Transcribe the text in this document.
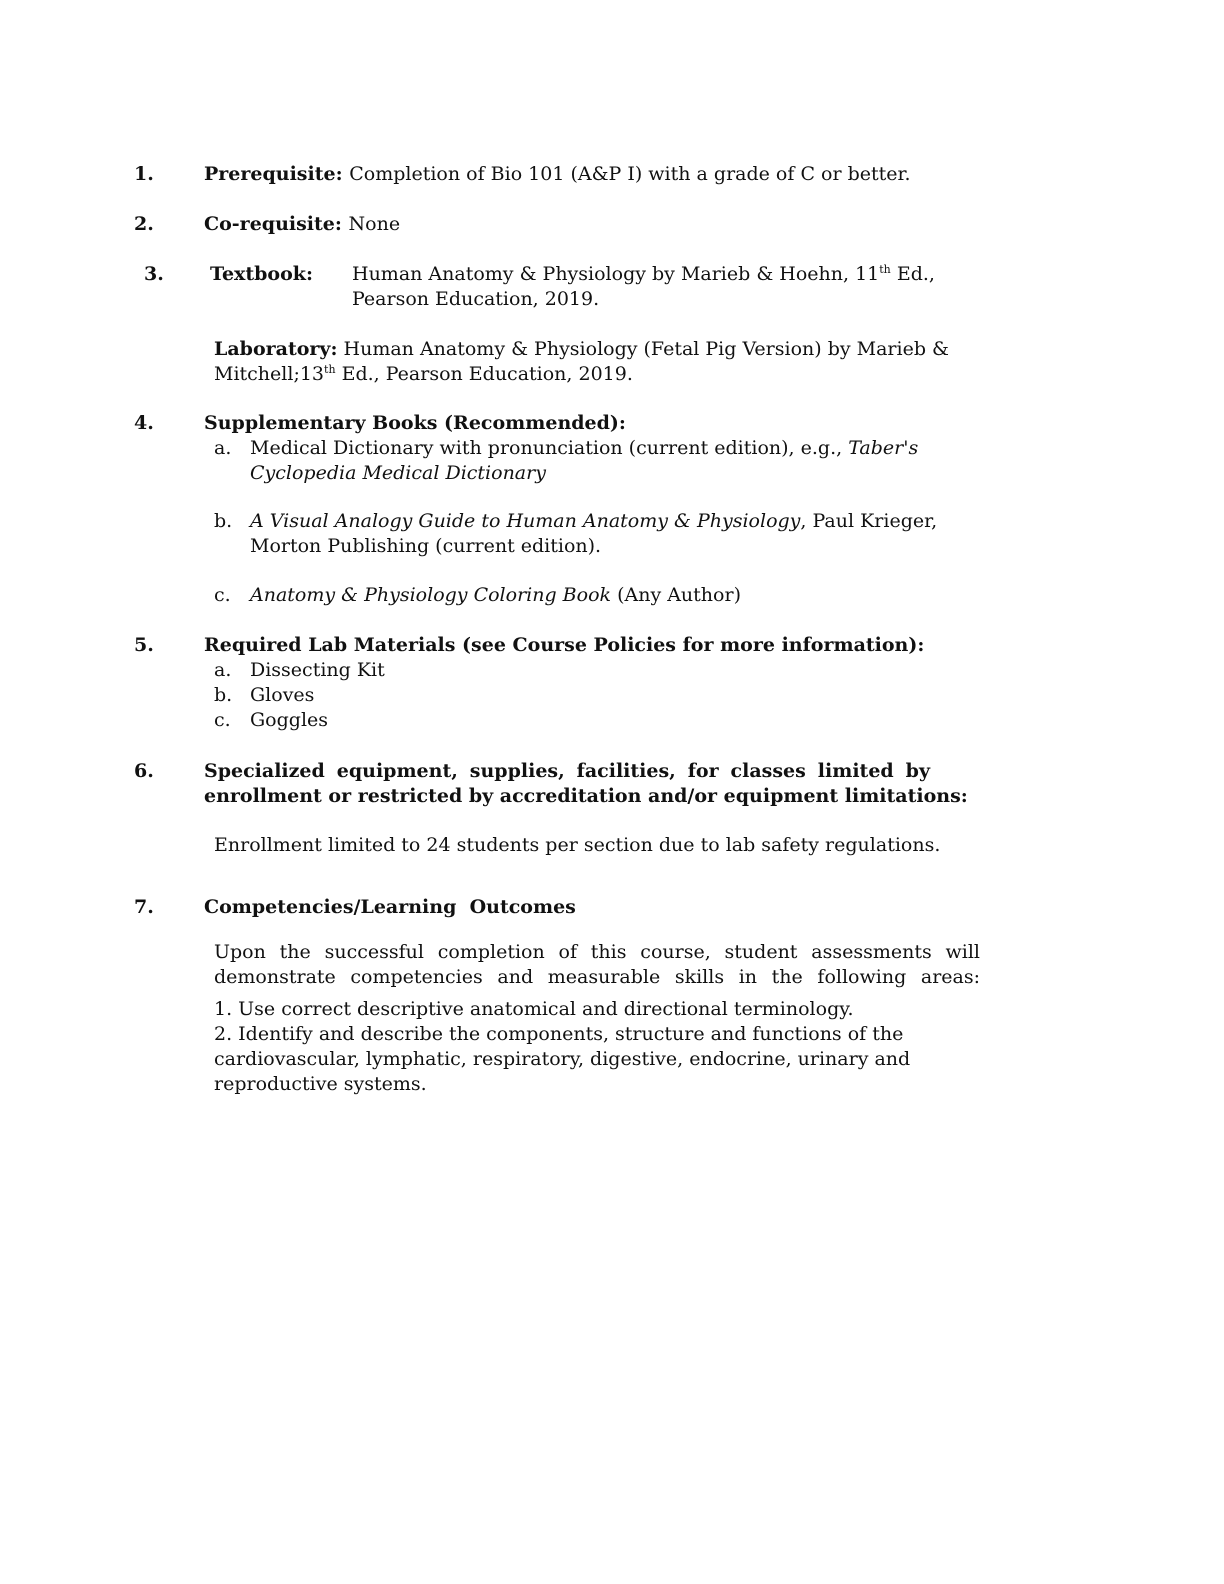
1.	Prerequisite: Completion of Bio 101 (A&P I) with a grade of C or better.
2.	Co-requisite: None
3. Textbook: Human Anatomy & Physiology by Marieb & Hoehn, 11th Ed.,
Pearson Education, 2019.
Laboratory: Human Anatomy & Physiology (Fetal Pig Version) by Marieb &
Mitchell;13th Ed., Pearson Education, 2019.
4.	Supplementary Books (Recommended):
a. Medical Dictionary with pronunciation (current edition), e.g., Taber's
Cyclopedia Medical Dictionary
b. A Visual Analogy Guide to Human Anatomy & Physiology, Paul Krieger,
Morton Publishing (current edition).
c. Anatomy & Physiology Coloring Book (Any Author)
5.	Required Lab Materials (see Course Policies for more information):
a. Dissecting Kit
b. Gloves
c. Goggles
6.	Specialized equipment, supplies, facilities, for classes limited by
enrollment or restricted by accreditation and/or equipment limitations:
Enrollment limited to 24 students per section due to lab safety regulations.
7.	Competencies/Learning  Outcomes
Upon the successful completion of this course, student assessments will
demonstrate competencies and measurable skills in the following areas:
1. Use correct descriptive anatomical and directional terminology.
2. Identify and describe the components, structure and functions of the
cardiovascular, lymphatic, respiratory, digestive, endocrine, urinary and
reproductive systems.
